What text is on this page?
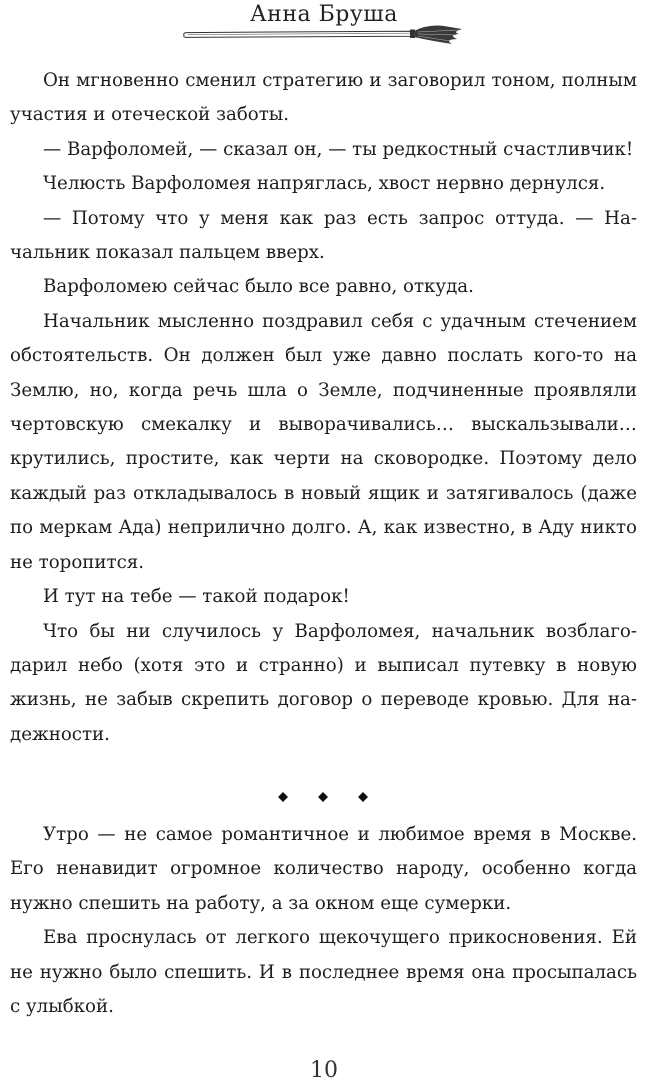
Анна Бруша

Он мгновенно сменил стратегию и заговорил тоном, полным участия и отеческой заботы.

— Варфоломей, — сказал он, — ты редкостный счастливчик!

Челюсть Варфоломея напряглась, хвост нервно дернулся.

— Потому что у меня как раз есть запрос оттуда. — Начальник показал пальцем вверх.

Варфоломею сейчас было все равно, откуда.

Начальник мысленно поздравил себя с удачным стечением обстоятельств. Он должен был уже давно послать кого-то на Землю, но, когда речь шла о Земле, подчиненные проявляли чертовскую смекалку и выворачивались… выскальзывали… крутились, простите, как черти на сковородке. Поэтому дело каждый раз откладывалось в новый ящик и затягивалось (даже по меркам Ада) неприлично долго. А, как известно, в Аду никто не торопится.

И тут на тебе — такой подарок!

Что бы ни случилось у Варфоломея, начальник возблагодарил небо (хотя это и странно) и выписал путевку в новую жизнь, не забыв скрепить договор о переводе кровью. Для надежности.

Утро — не самое романтичное и любимое время в Москве. Его ненавидит огромное количество народу, особенно когда нужно спешить на работу, а за окном еще сумерки.

Ева проснулась от легкого щекочущего прикосновения. Ей не нужно было спешить. И в последнее время она просыпалась с улыбкой.

10
